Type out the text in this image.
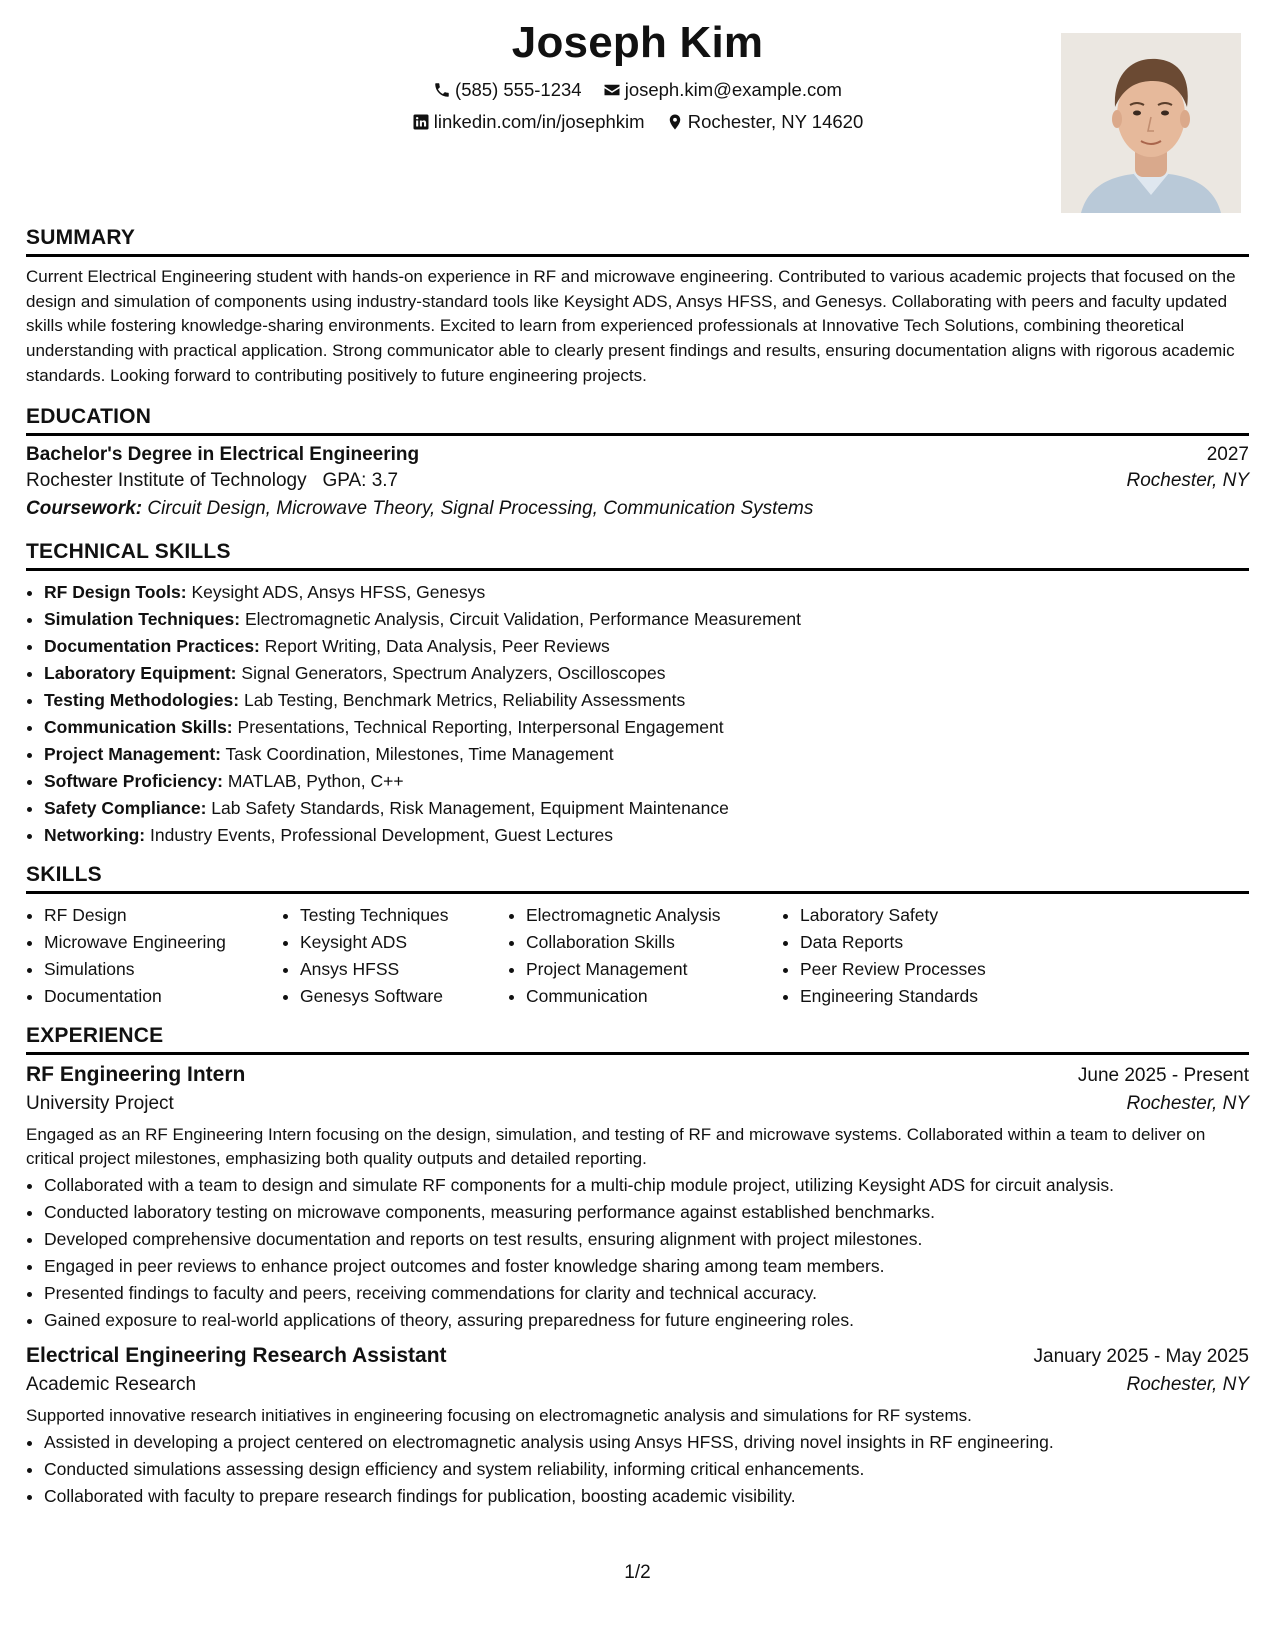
Joseph Kim
(585) 555-1234
joseph.kim@example.com
linkedin.com/in/josephkim
Rochester, NY 14620
SUMMARY

Current Electrical Engineering student with hands-on experience in RF and microwave engineering. Contributed to various academic projects that focused on the design and simulation of components using industry-standard tools like Keysight ADS, Ansys HFSS, and Genesys. Collaborating with peers and faculty updated skills while fostering knowledge-sharing environments. Excited to learn from experienced professionals at Innovative Tech Solutions, combining theoretical understanding with practical application. Strong communicator able to clearly present findings and results, ensuring documentation aligns with rigorous academic standards. Looking forward to contributing positively to future engineering projects.

EDUCATION
Bachelor's Degree in Electrical Engineering	2027
Rochester Institute of Technology GPA: 3.7	Rochester, NY
Coursework: Circuit Design, Microwave Theory, Signal Processing, Communication Systems
TECHNICAL SKILLS
• RF Design Tools: Keysight ADS, Ansys HFSS, Genesys
• Simulation Techniques: Electromagnetic Analysis, Circuit Validation, Performance Measurement
• Documentation Practices: Report Writing, Data Analysis, Peer Reviews
• Laboratory Equipment: Signal Generators, Spectrum Analyzers, Oscilloscopes
• Testing Methodologies: Lab Testing, Benchmark Metrics, Reliability Assessments
• Communication Skills: Presentations, Technical Reporting, Interpersonal Engagement
• Project Management: Task Coordination, Milestones, Time Management
• Software Proficiency: MATLAB, Python, C++
• Safety Compliance: Lab Safety Standards, Risk Management, Equipment Maintenance
• Networking: Industry Events, Professional Development, Guest Lectures
SKILLS
• RF Design
• Microwave Engineering
• Simulations
• Documentation
• Testing Techniques
• Keysight ADS
• Ansys HFSS
• Genesys Software
• Electromagnetic Analysis
• Collaboration Skills
• Project Management
• Communication
• Laboratory Safety
• Data Reports
• Peer Review Processes
• Engineering Standards
EXPERIENCE
RF Engineering Intern	June 2025 - Present
University Project	Rochester, NY

Engaged as an RF Engineering Intern focusing on the design, simulation, and testing of RF and microwave systems. Collaborated within a team to deliver on critical project milestones, emphasizing both quality outputs and detailed reporting.

• Collaborated with a team to design and simulate RF components for a multi-chip module project, utilizing Keysight ADS for circuit analysis.
• Conducted laboratory testing on microwave components, measuring performance against established benchmarks.
• Developed comprehensive documentation and reports on test results, ensuring alignment with project milestones.
• Engaged in peer reviews to enhance project outcomes and foster knowledge sharing among team members.
• Presented findings to faculty and peers, receiving commendations for clarity and technical accuracy.
• Gained exposure to real-world applications of theory, assuring preparedness for future engineering roles.
Electrical Engineering Research Assistant	January 2025 - May 2025
Academic Research	Rochester, NY

Supported innovative research initiatives in engineering focusing on electromagnetic analysis and simulations for RF systems.

• Assisted in developing a project centered on electromagnetic analysis using Ansys HFSS, driving novel insights in RF engineering.
• Conducted simulations assessing design efficiency and system reliability, informing critical enhancements.
• Collaborated with faculty to prepare research findings for publication, boosting academic visibility.
1/2
